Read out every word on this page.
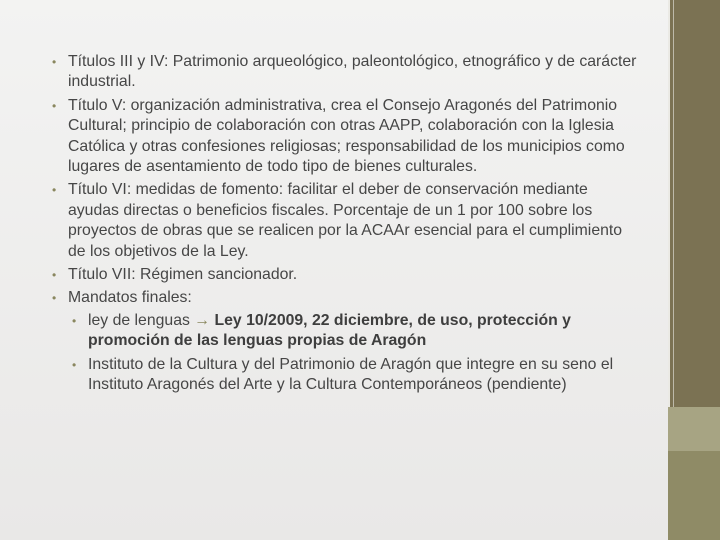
• Títulos III y IV: Patrimonio arqueológico, paleontológico, etnográfico y de carácter industrial.
• Título V: organización administrativa, crea el Consejo Aragonés del Patrimonio Cultural; principio de colaboración con otras AAPP, colaboración con la Iglesia Católica y otras confesiones religiosas; responsabilidad de los municipios como lugares de asentamiento de todo tipo de bienes culturales.
• Título VI: medidas de fomento: facilitar el deber de conservación mediante ayudas directas o beneficios fiscales. Porcentaje de un 1 por 100 sobre los proyectos de obras que se realicen por la ACAAr esencial para el cumplimiento de los objetivos de la Ley.
• Título VII: Régimen sancionador.
• Mandatos finales:
• ley de lenguas → Ley 10/2009, 22 diciembre, de uso, protección y promoción de las lenguas propias de Aragón
• Instituto de la Cultura y del Patrimonio de Aragón que integre en su seno el Instituto Aragonés del Arte y la Cultura Contemporáneos (pendiente)
